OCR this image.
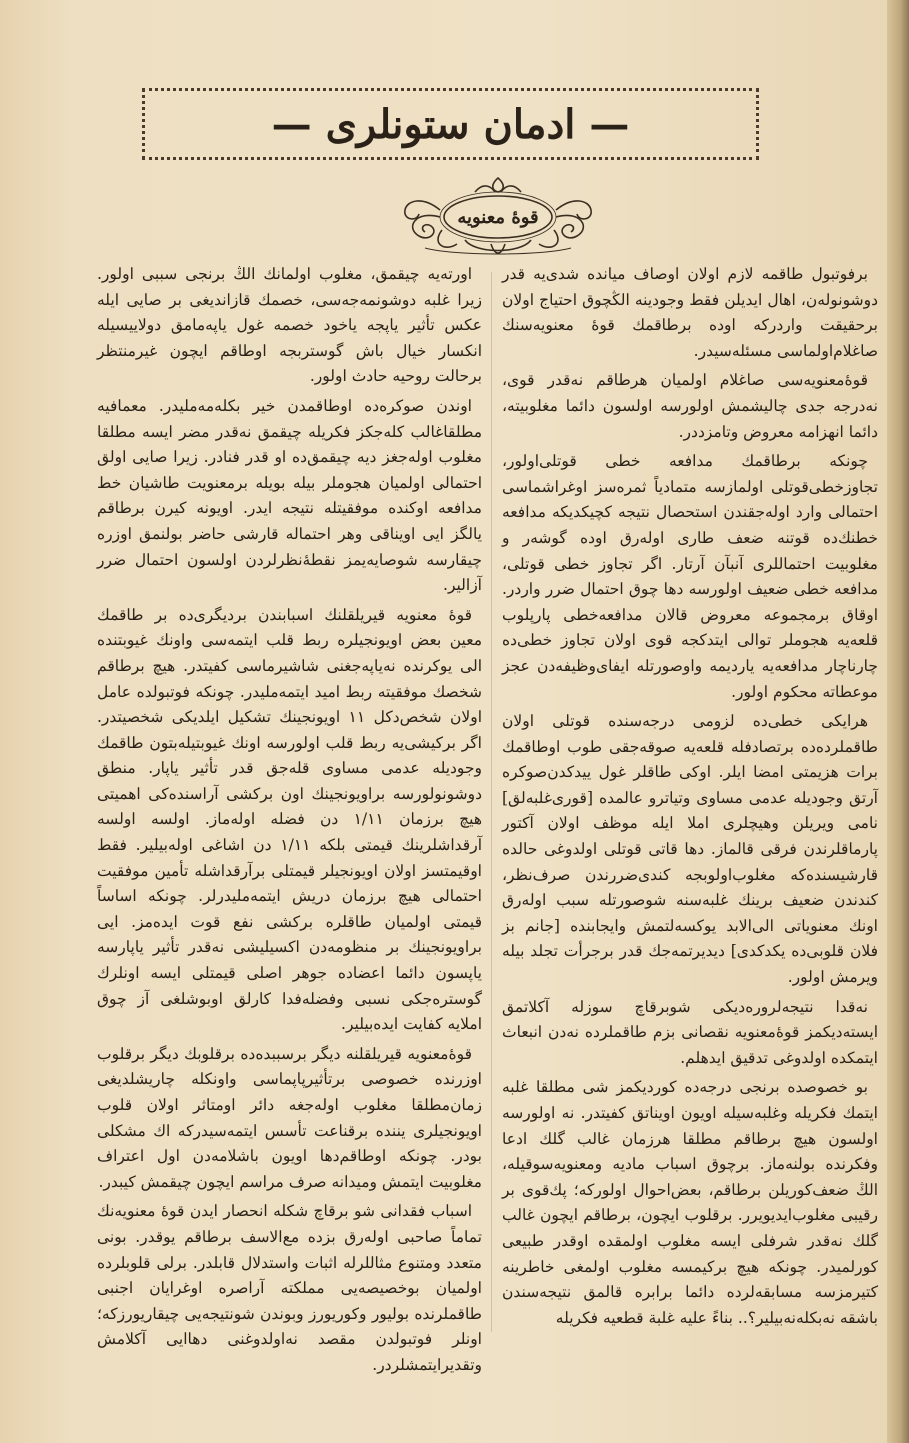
— ادمان ستونلری —
قوهٔ معنویه

برفوتبول طاقمه لازم اولان اوصاف میانده شدی‌یه قدر دوشونولەن، اهال ایدیلن فقط وجودینه الڭچوق احتیاج اولان برحقیقت واردرکه اوده برطاقمك قوهٔ معنویه‌سنك صاغلام‌اولماسی مسئله‌سیدر.

قوهٔ‌معنویه‌سی صاغلام اولمیان هرطاقم نه‌قدر قوی، نه‌درجه جدی چالیشمش اولورسه اولسون دائما مغلوبیته، دائما انهزامه معروض وتامزددر.

چونکه برطاقمك مدافعه خطی قوتلی‌اولور، تجاوزخطی‌قوتلی اولمازسه متمادیاً ثمره‌سز اوغراشماسی احتمالی وارد اوله‌جقندن استحصال نتیجه کچیکدیکه مدافعه خطنك‌ده قوتنه ضعف طاری اوله‌رق اوده گوشه‌ر و مغلوبیت احتماللری آنبآن آرتار. اگر تجاوز خطی قوتلی، مدافعه خطی ضعیف اولورسه دها چوق احتمال ضرر واردر. اوقاق برمجموعه معروض قالان مدافعه‌خطی پارپلوب قلعه‌یه هجوملر توالی ایتدکجه قوی اولان تجاوز خطی‌ده چارناچار مدافعه‌یه یاردیمه واوصورتله ایفای‌وظیفه‌دن عجز موعطاته محکوم اولور.

هرایکی خطی‌ده لزومی درجه‌سنده قوتلی اولان طاقملرده‌ده برتصادفله قلعه‌یه صوقه‌جقی طوب اوطاقمك برات هزیمتی امضا ایلر. اوکی طاقلر غول ییدکدن‌صوکره آرتق وجودیله عدمی مساوی وتیاترو عالمده [قوری‌غلبه‌لق] نامی ویریلن وهیچلری املا ایله موظف اولان آکتور پارماقلرندن فرقی قالماز. دها قاتی قوتلی اولدوغی حالده قارشیسنده‌که مغلوب‌اولوبجه کندی‌ضررندن صرف‌نظر، کندندن ضعیف برینك غلبه‌سنه شوصورتله سبب اوله‌رق اونك معنویاتی الی‌الابد یوکسه‌لتمش وایجابنده [جانم بز فلان قلوبی‌ده یکدکدی] دیدیرتمه‌جك قدر برجرأت تجلد بیله ویرمش اولور.

نه‌قدا نتیجه‌لرورەدیکی شوبرقاچ سوزله آکلاتمق ایسته‌دیکمز قوهٔ‌معنویه نقصانی بزم طاقملرده نەدن انبعاث ایتمکده اولدوغی تدقیق ایدهلم.

بو خصوصده برنجی درجه‌ده کوردیکمز شی مطلقا غلبه ایتمك فکریله وغلبه‌سیله اویون اویناتق کفیتدر. نه اولورسه اولسون هیچ برطاقم مطلقا هرزمان غالب گلك ادعا وفکرنده بولنه‌ماز. برچوق اسباب مادیه ومعنویه‌سوقیله، الڭ ضعف‌کوریلن برطاقم، بعض‌احوال اولورکه؛ پك‌قوی بر رقیبی مغلوب‌ایدیویرر. برقلوب ایچون، برطاقم ایچون غالب گلك نه‌قدر شرفلی ایسه مغلوب اولمقده اوقدر طبیعی کورلمیدر. چونکه هیچ برکیمسه مغلوب اولمغی خاطرینه کتیرمزسه مسابقه‌لرده دائما برابره قالمق نتیجه‌سندن باشقه نه‌بکلەنه‌بیلیر؟.. بناءً علیه غلبة قطعیه فکریله

اورته‌یه چیقمق، مغلوب اولمانك الڭ برنجی سببی اولور. زیرا غلبه دوشونمه‌جه‌سی، خصمك قازاندیغی بر صایی ایله عکس تأثیر یاپجه یاخود خصمه غول یاپەمامق دولاییسیله انکسار خیال باش گوستربجه اوطاقم ایچون غیرمنتظر برحالت روحیه حادث اولور.

اوندن صوکره‌ده اوطاقمدن خیر بکلەمەملیدر. معمافیه مطلقاغالب کله‌جکز فکریله چیقمق نه‌قدر مضر ایسه مطلقا مغلوب اوله‌جغز دیه چیقمق‌ده او قدر فنادر. زیرا صایی اولق احتمالی اولمیان هجوملر بیله بویله برمعنویت طاشیان خط مدافعه اوکنده موفقیتله نتیجه ایدر. اویونه کیرن برطاقم یالگز ایی اویناقی وهر احتماله قارشی حاضر بولنمق اوزره چیقارسه شوصایه‌یمز نقطهٔ‌نظرلردن اولسون احتمال ضرر آزالیر.

قوهٔ معنویه قیریلقلنك اسبابندن بردیگری‌ده بر طاقمك معین بعض اویونجیلره ربط قلب ایتمه‌سی واونك غیوبتنده الی یوکرنده نەیاپه‌جغنی شاشیرماسی کفیتدر. هیچ برطاقم شخصك موفقیته ربط امید ایتمه‌ملیدر. چونکه فوتبولده عامل اولان شخص‌دکل ۱۱ اویونجینك تشکیل ایلدیکی شخصیتدر. اگر برکیشی‌یه ربط قلب اولورسه اونك غیوبتیله‌بتون طاقمك وجودیله عدمی مساوی قله‌جق قدر تأثیر یاپار. منطق دوشونولورسه براویونجینك اون برکشی آراسنده‌کی اهمیتی هیچ برزمان ۱/۱۱ دن فضله اوله‌ماز. اولسه اولسه آرقداشلرینك قیمتی بلکه ۱/۱۱ دن اشاغی اوله‌بیلیر. فقط اوقیمتسز اولان اویونجیلر قیمتلی برآرقداشله تأمین موفقیت احتمالی هیچ برزمان دریش ایتمه‌ملیدرلر. چونکه اساساً قیمتی اولمیان طاقلره برکشی نفع قوت ایده‌مز. ایی براویونجینك بر منظومه‌دن اکسیلیشی نه‌قدر تأثیر یاپارسه یاپسون دائما اعضاده جوهر اصلی قیمتلی ایسه اونلرك گوستره‌جکی نسبی وفضله‌فدا کارلق اوبوشلغی آز چوق املایه کفایت ایده‌بیلیر.

قوهٔ‌معنویه قیریلقلنه دیگر برسببده‌ده برقلوبك دیگر برقلوب اوزرنده خصوصی برتأثیرپاپماسی واونکله چاریشلدیغی زمان‌مطلقا مغلوب اوله‌جغه دائر اومتاثر اولان قلوب اویونجیلری یننده برقناعت تأسس ایتمه‌سیدرکه اك مشکلی بودر. چونکه اوطاقم‌دها اویون باشلامه‌دن اول اعتراف مغلوبیت ایتمش ومیدانه صرف مراسم ایچون چیقمش کیبدر.

اسباب فقدانی شو برقاچ شکله انحصار ایدن قوهٔ معنویه‌نك تماماً صاحبی اولەرق بزده مع‌الاسف برطاقم یوقدر. بونی متعدد ومتنوع مثاللرله اثبات واستدلال قابلدر. برلی قلوبلرده اولمیان بوخصیصه‌یی مملکته آراصره اوغرایان اجنبی طاقملرنده بولیور وکوریورز وبوندن شونتیجه‌یی چیقاریورزکه؛ اونلر فوتبولدن مقصد نه‌اولدوغنی دها‌ایی آکلامش وتقدیرایتمشلردر.
